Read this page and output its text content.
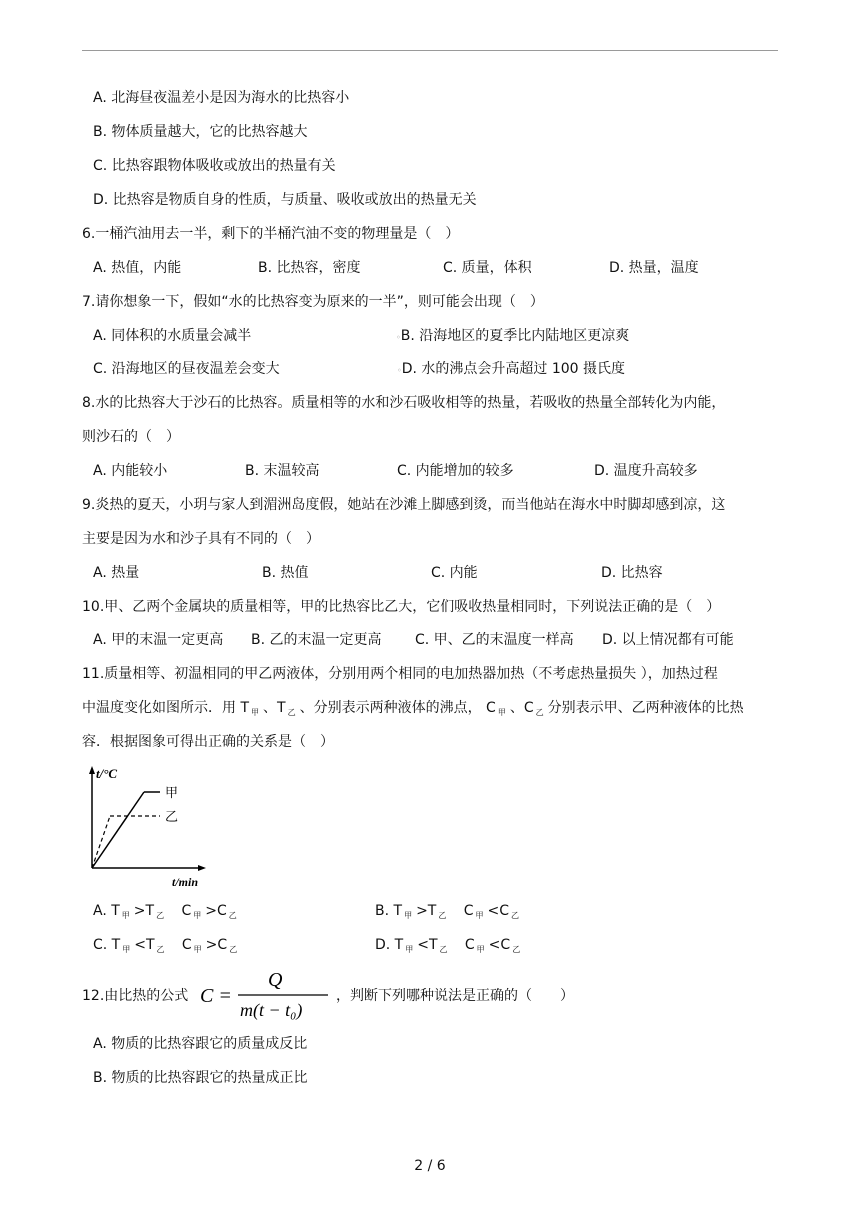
A. 北海昼夜温差小是因为海水的比热容小
B. 物体质量越大，它的比热容越大
C. 比热容跟物体吸收或放出的热量有关
D. 比热容是物质自身的性质，与质量、吸收或放出的热量无关
6.一桶汽油用去一半，剩下的半桶汽油不变的物理量是（　）
A. 热值，内能	B. 比热容，密度	C. 质量，体积	D. 热量，温度
7.请你想象一下，假如“水的比热容变为原来的一半”，则可能会出现（　）
A. 同体积的水质量会减半	◦B. 沿海地区的夏季比内陆地区更凉爽
C. 沿海地区的昼夜温差会变大	◦D. 水的沸点会升高超过 100 摄氏度
8.水的比热容大于沙石的比热容。质量相等的水和沙石吸收相等的热量，若吸收的热量全部转化为内能，
则沙石的（　）
A. 内能较小	B. 末温较高	C. 内能增加的较多	D. 温度升高较多
9.炎热的夏天，小玥与家人到湄洲岛度假，她站在沙滩上脚感到烫，而当他站在海水中时脚却感到凉，这
主要是因为水和沙子具有不同的（　）
A. 热量	B. 热值	C. 内能	D. 比热容
10.甲、乙两个金属块的质量相等，甲的比热容比乙大，它们吸收热量相同时，下列说法正确的是（　）
A. 甲的末温一定更高 B. 乙的末温一定更高 C. 甲、乙的末温度一样高 D. 以上情况都有可能
11.质量相等、初温相同的甲乙两液体，分别用两个相同的电加热器加热（不考虑热量损失 ），加热过程
中温度变化如图所示．用 T $_甲$ 、T $_乙$ 、分别表示两种液体的沸点， C $_甲$ 、C $_乙$ 分别表示甲、乙两种液体的比热
容．根据图象可得出正确的关系是（　）
t/°C
t/min
甲
乙
A. T $_甲$ >T $_乙$ C $_甲$ >C $_乙$	B. T $_甲$ >T $_乙$ C $_甲$ <C $_乙$
C. T $_甲$ <T $_乙$ C $_甲$ >C $_乙$	D. T $_甲$ <T $_乙$ C $_甲$ <C $_乙$
12.由比热的公式 C =
Q
m(t − t₀)
，判断下列哪种说法是正确的（　　）
A. 物质的比热容跟它的质量成反比
B. 物质的比热容跟它的热量成正比
2 / 6
